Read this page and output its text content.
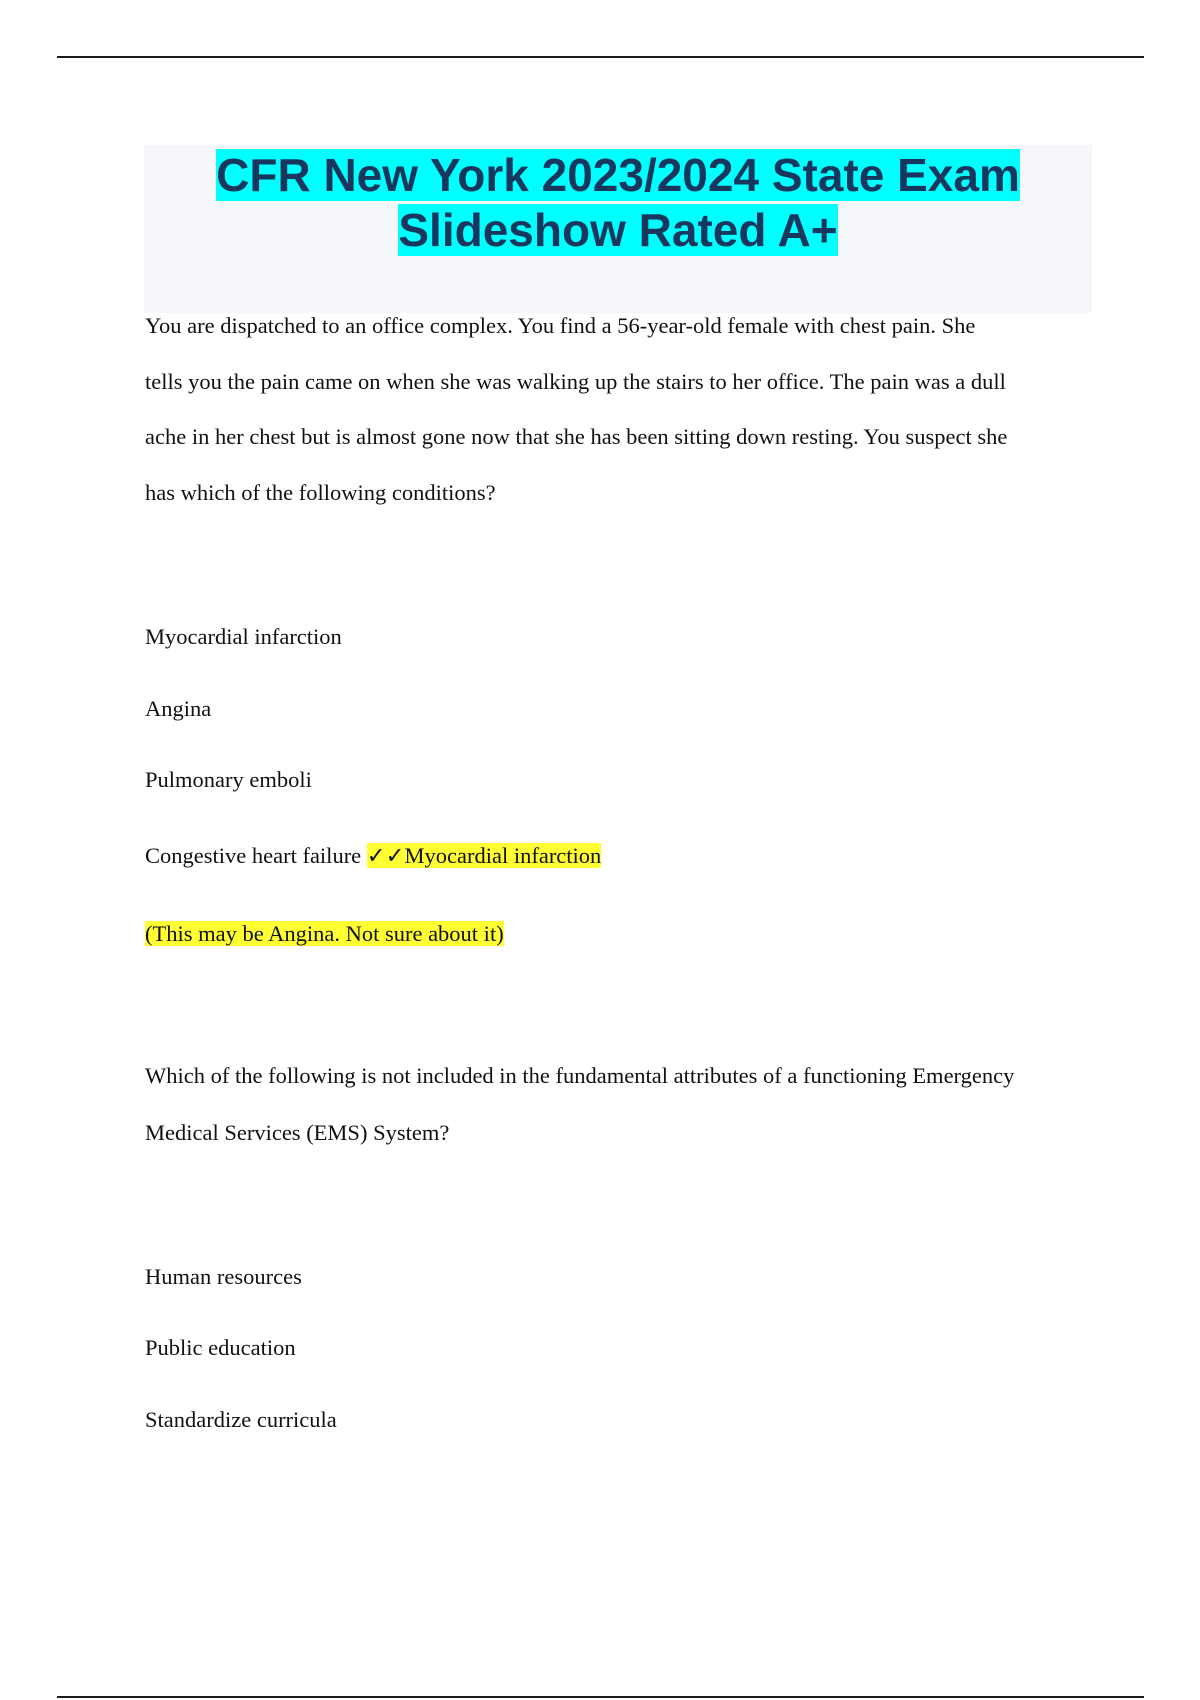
CFR New York 2023/2024 State Exam
Slideshow Rated A+
You are dispatched to an office complex. You find a 56-year-old female with chest pain. She
tells you the pain came on when she was walking up the stairs to her office. The pain was a dull
ache in her chest but is almost gone now that she has been sitting down resting. You suspect she
has which of the following conditions?
Myocardial infarction
Angina
Pulmonary emboli
Congestive heart failure ✓✓Myocardial infarction
(This may be Angina. Not sure about it)
Which of the following is not included in the fundamental attributes of a functioning Emergency
Medical Services (EMS) System?
Human resources
Public education
Standardize curricula
